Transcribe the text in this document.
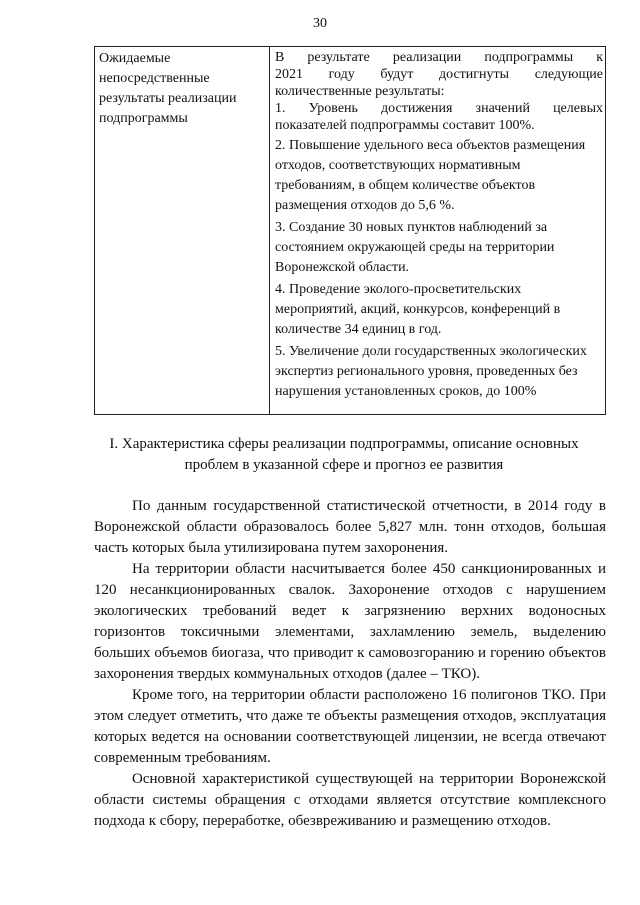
30
Ожидаемые непосредственные результаты реализации подпрограммы
В результате реализации подпрограммы к
2021 году будут достигнуты следующие
количественные результаты:
1. Уровень достижения значений целевых
показателей подпрограммы составит 100%.

2. Повышение удельного веса объектов размещения отходов, соответствующих нормативным требованиям, в общем количестве объектов размещения отходов до 5,6 %.

3. Создание 30 новых пунктов наблюдений за состоянием окружающей среды на территории Воронежской области.

4. Проведение эколого-просветительских мероприятий, акций, конкурсов, конференций в количестве 34 единиц в год.

5. Увеличение доли государственных экологических экспертиз регионального уровня, проведенных без нарушения установленных сроков, до 100%

I. Характеристика сферы реализации подпрограммы, описание основных
проблем в указанной сфере и прогноз ее развития

По данным государственной статистической отчетности, в 2014 году в Воронежской области образовалось более 5,827 млн. тонн отходов, большая часть которых была утилизирована путем захоронения.

На территории области насчитывается более 450 санкционированных и 120 несанкционированных свалок. Захоронение отходов с нарушением экологических требований ведет к загрязнению верхних водоносных горизонтов токсичными элементами, захламлению земель, выделению больших объемов биогаза, что приводит к самовозгоранию и горению объектов захоронения твердых коммунальных отходов (далее – ТКО).

Кроме того, на территории области расположено 16 полигонов ТКО. При этом следует отметить, что даже те объекты размещения отходов, эксплуатация которых ведется на основании соответствующей лицензии, не всегда отвечают современным требованиям.

Основной характеристикой существующей на территории Воронежской области системы обращения с отходами является отсутствие комплексного подхода к сбору, переработке, обезвреживанию и размещению отходов.
